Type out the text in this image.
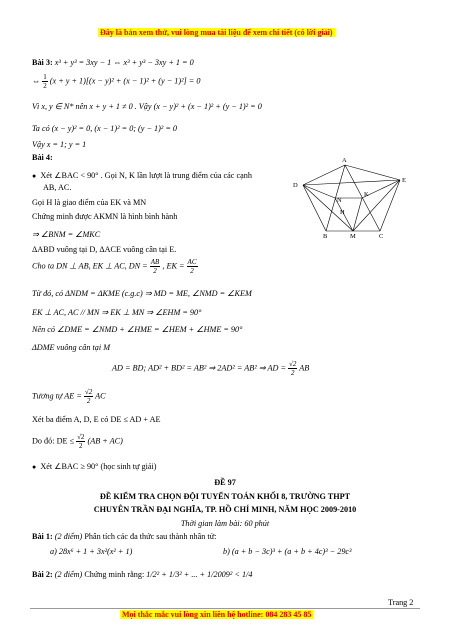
Đây là bản xem thử, vui lòng mua tài liệu để xem chi tiết (có lời giải)
Bài 3: x³ + y³ = 3xy − 1 ⇔ x³ + y³ − 3xy + 1 = 0
⇔ $\frac{1}{2} (x + y + 1)[(x - y)^2 + (x - 1)^2 + (y - 1)^2] = 0$
Vì x, y ∈ N* nên x + y + 1 ≠ 0 . Vậy (x − y)² + (x − 1)² + (y − 1)² = 0
Ta có (x − y)² = 0, (x − 1)² = 0; (y − 1)² = 0
Vậy x = 1; y = 1
Bài 4:
● Xét ∠BAC < 90° . Gọi N, K lần lượt là trung điểm của các cạnh
AB, AC.
Gọi H là giao điểm của EK và MN
Chứng minh được AKMN là hình bình hành
⇒ ∠BNM = ∠MKC
ΔABD vuông tại D, ΔACE vuông cân tại E.
Cho ta DN ⊥ AB, EK ⊥ AC, DN = $\frac{AB}{2}$ , EK = $\frac{AC}{2}$
Từ đó, có ΔNDM = ΔKME (c.g.c) ⇒ MD = ME, ∠NMD = ∠KEM
EK ⊥ AC, AC // MN ⇒ EK ⊥ MN ⇒ ∠EHM = 90°
Nên có ∠DME = ∠NMD + ∠HME = ∠HEM + ∠HME = 90°
ΔDME vuông cân tại M
AD = BD; AD² + BD² = AB² ⇒ 2AD² = AB² ⇒ AD = $\frac{√2}{2}$ AB
Tương tự AE = $\frac{√2}{2}$ AC
Xét ba điểm A, D, E có DE ≤ AD + AE
Do đó: DE ≤ $\frac{√2}{2} (AB + AC)$
● Xét ∠BAC ≥ 90° (học sinh tự giải)
A
D
E
N
K
H
B	M	C
ĐỀ 97
ĐỀ KIỂM TRA CHỌN ĐỘI TUYỂN TOÁN KHỐI 8, TRƯỜNG THPT
CHUYÊN TRẦN ĐẠI NGHĨA, TP. HỒ CHÍ MINH, NĂM HỌC 2009-2010
Thời gian làm bài: 60 phút
Bài 1: (2 điểm) Phân tích các đa thức sau thành nhân tử:
a) 28x⁶ + 1 + 3x²(x² + 1)	b) (a + b − 3c)³ + (a + b + 4c)³ − 29c³
Bài 2: (2 điểm) Chứng minh rằng: 1/2² + 1/3² + ... + 1/2009² < 1/4
Trang 2
Mọi thắc mắc vui lòng xin liên hệ hotline: 084 283 45 85
